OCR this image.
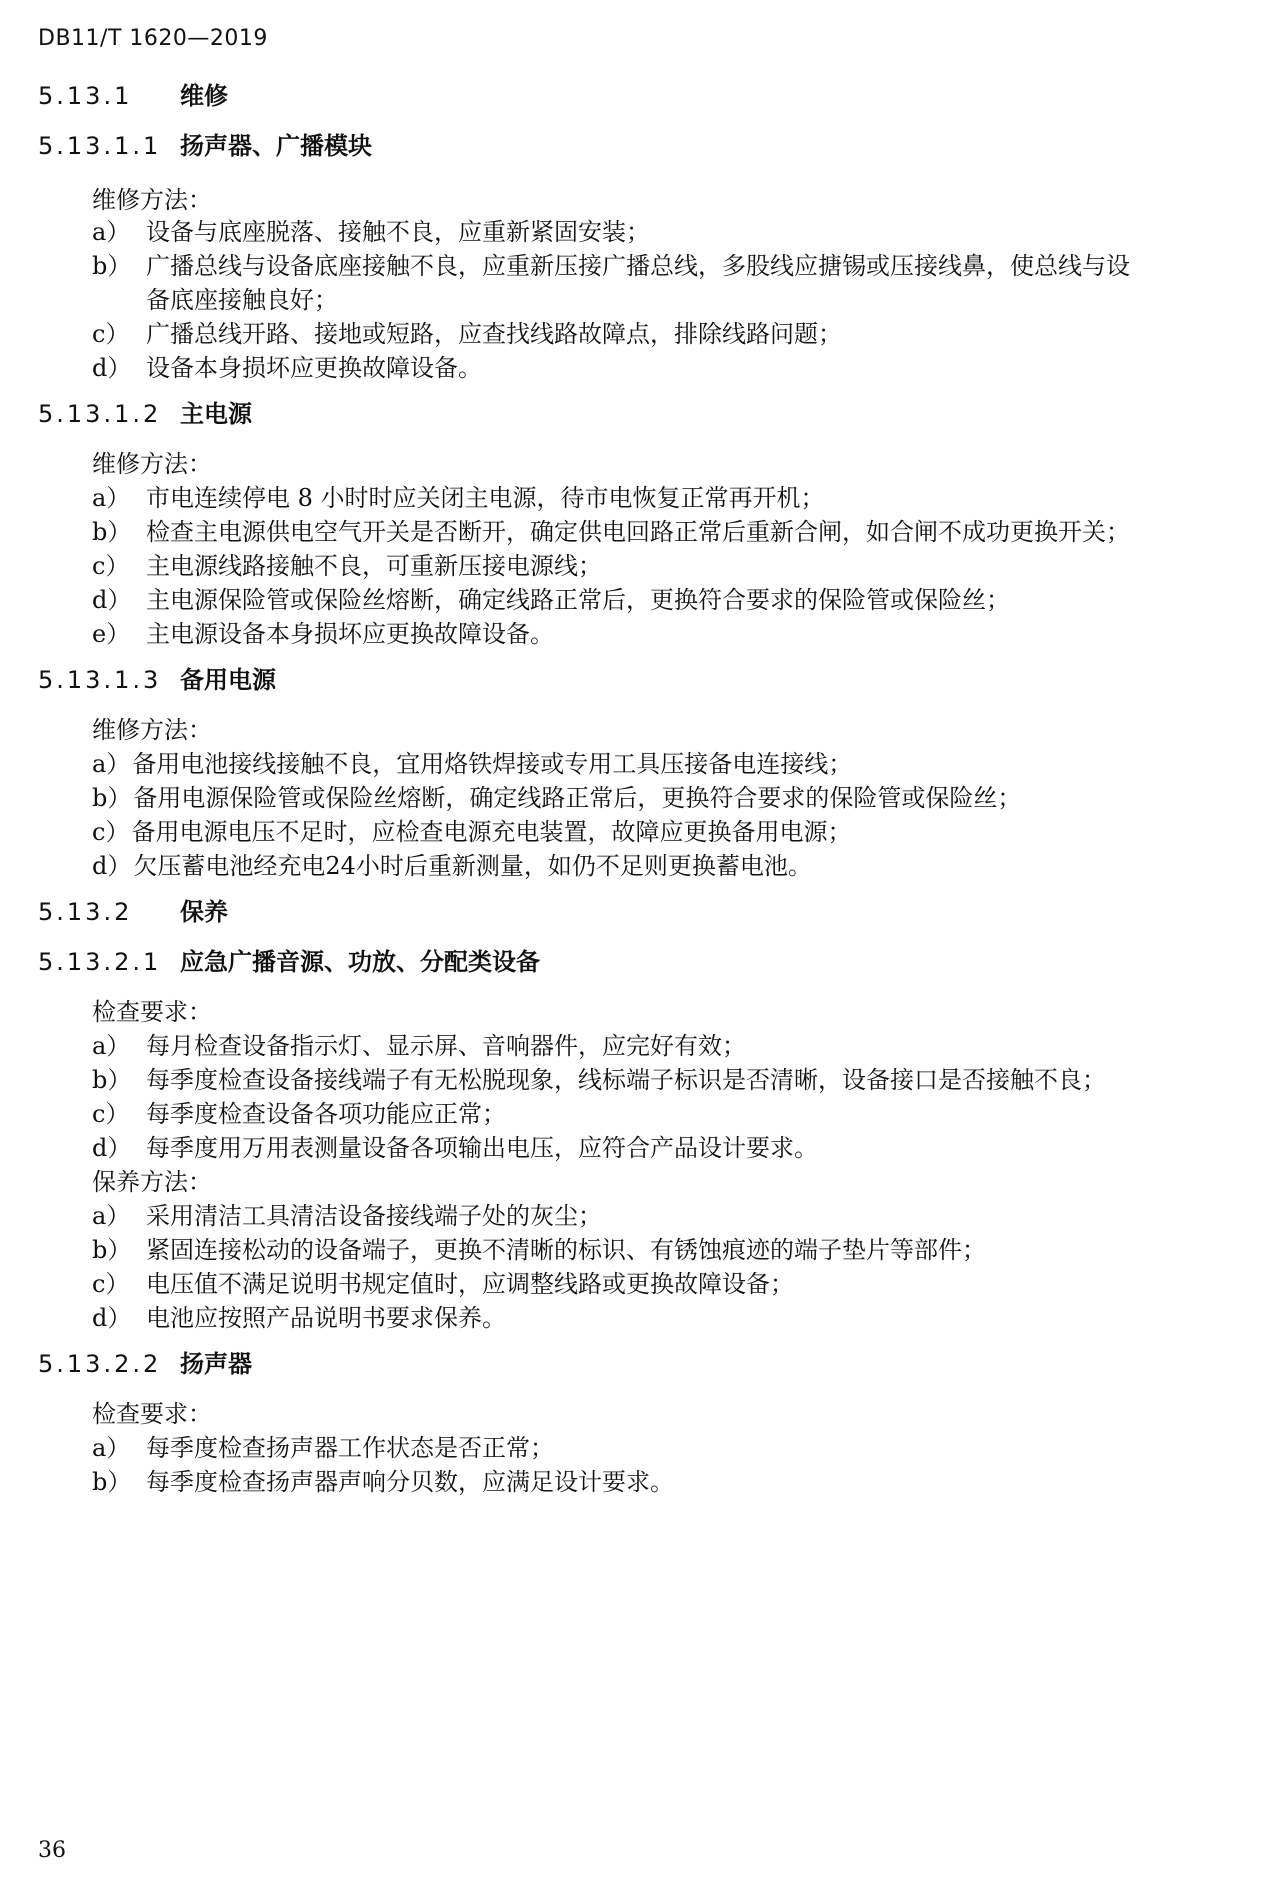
DB11/T 1620—2019
5.13.1 维修
5.13.1.1 扬声器、广播模块
维修方法：
a） 设备与底座脱落、接触不良，应重新紧固安装；
b） 广播总线与设备底座接触不良，应重新压接广播总线，多股线应搪锡或压接线鼻，使总线与设
备底座接触良好；
c） 广播总线开路、接地或短路，应查找线路故障点，排除线路问题；
d） 设备本身损坏应更换故障设备。
5.13.1.2 主电源
维修方法：
a） 市电连续停电 8 小时时应关闭主电源，待市电恢复正常再开机；
b） 检查主电源供电空气开关是否断开，确定供电回路正常后重新合闸，如合闸不成功更换开关；
c） 主电源线路接触不良，可重新压接电源线；
d） 主电源保险管或保险丝熔断，确定线路正常后，更换符合要求的保险管或保险丝；
e） 主电源设备本身损坏应更换故障设备。
5.13.1.3 备用电源
维修方法：
a）备用电池接线接触不良，宜用烙铁焊接或专用工具压接备电连接线；
b）备用电源保险管或保险丝熔断，确定线路正常后，更换符合要求的保险管或保险丝；
c）备用电源电压不足时，应检查电源充电装置，故障应更换备用电源；
d）欠压蓄电池经充电24小时后重新测量，如仍不足则更换蓄电池。
5.13.2 保养
5.13.2.1 应急广播音源、功放、分配类设备
检查要求：
a） 每月检查设备指示灯、显示屏、音响器件，应完好有效；
b） 每季度检查设备接线端子有无松脱现象，线标端子标识是否清晰，设备接口是否接触不良；
c） 每季度检查设备各项功能应正常；
d） 每季度用万用表测量设备各项输出电压，应符合产品设计要求。
保养方法：
a） 采用清洁工具清洁设备接线端子处的灰尘；
b） 紧固连接松动的设备端子，更换不清晰的标识、有锈蚀痕迹的端子垫片等部件；
c） 电压值不满足说明书规定值时，应调整线路或更换故障设备；
d） 电池应按照产品说明书要求保养。
5.13.2.2 扬声器
检查要求：
a） 每季度检查扬声器工作状态是否正常；
b） 每季度检查扬声器声响分贝数，应满足设计要求。
36
